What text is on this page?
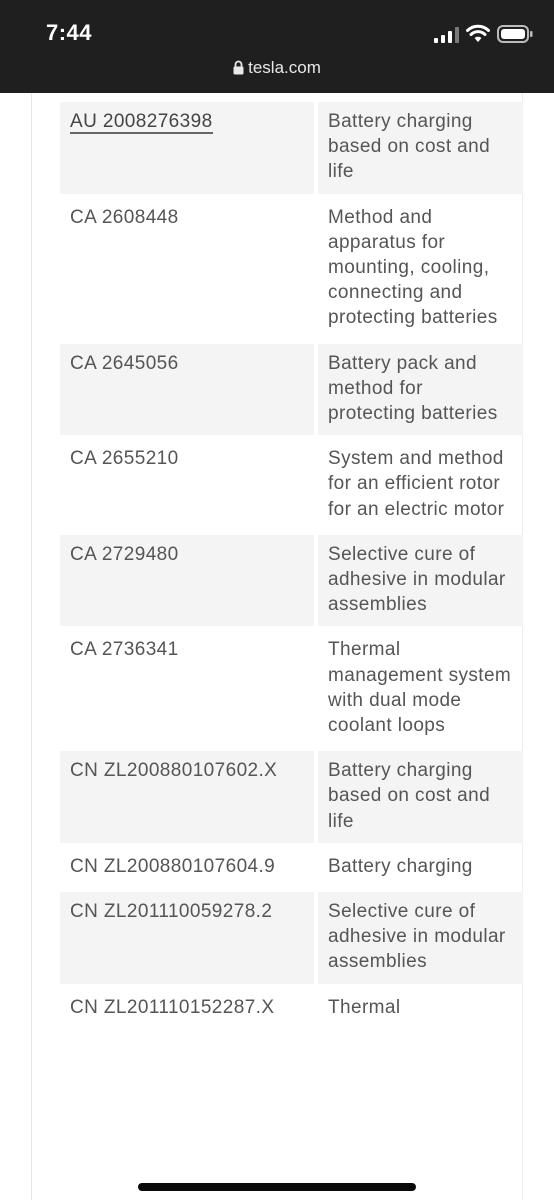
7:44
tesla.com
AU 2008276398	Battery charging based on cost and life
CA 2608448	Method and apparatus for mounting, cooling, connecting and protecting batteries
CA 2645056	Battery pack and method for protecting batteries
CA 2655210	System and method for an efficient rotor for an electric motor
CA 2729480	Selective cure of adhesive in modular assemblies
CA 2736341	Thermal management system with dual mode coolant loops
CN ZL200880107602.X	Battery charging based on cost and life
CN ZL200880107604.9	Battery charging
CN ZL201110059278.2	Selective cure of adhesive in modular assemblies
CN ZL201110152287.X	Thermal
